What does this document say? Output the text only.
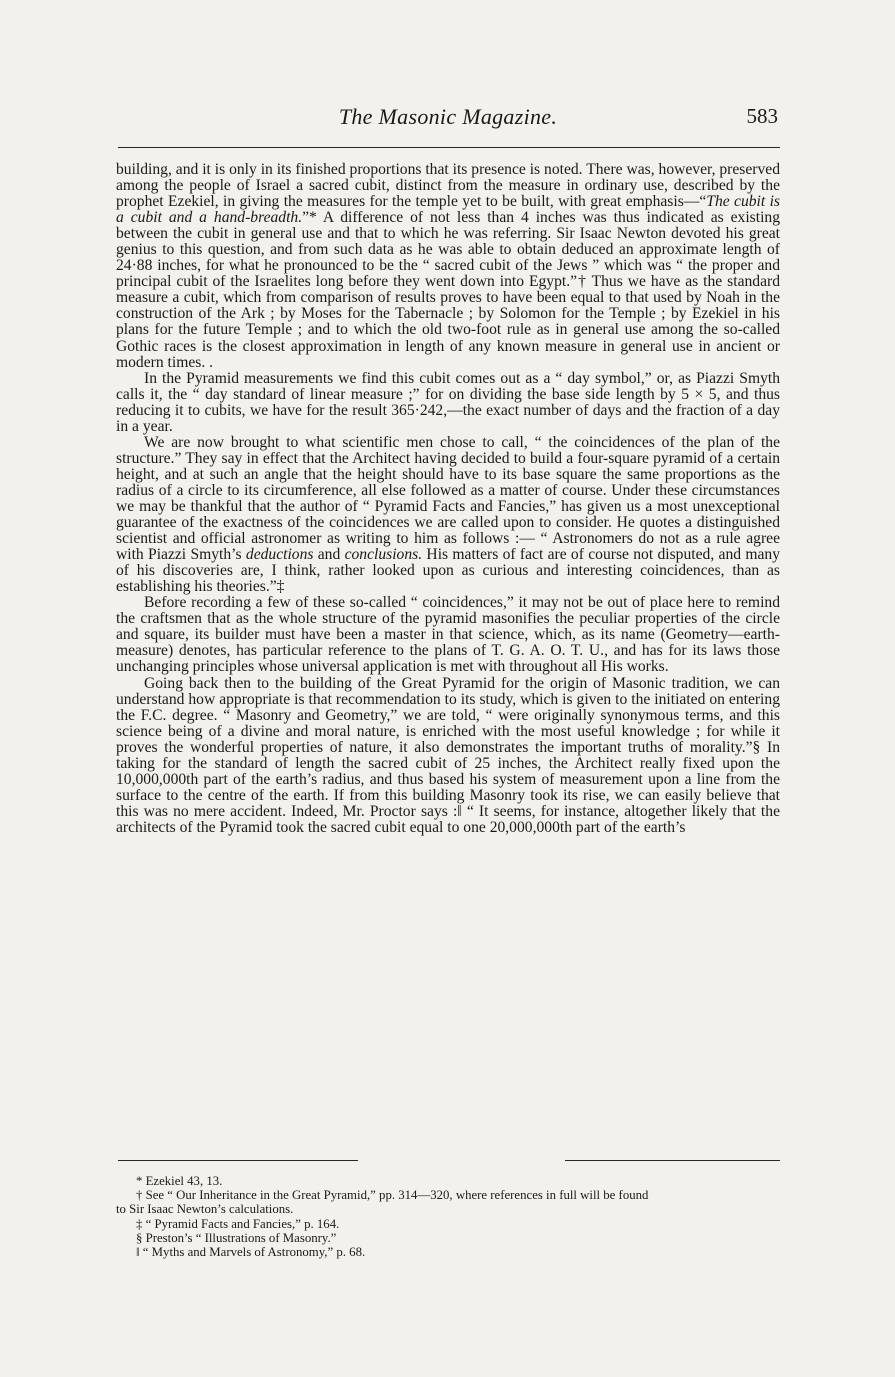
The Masonic Magazine.	583

building, and it is only in its finished proportions that its presence is noted. There was, however, preserved among the people of Israel a sacred cubit, distinct from the measure in ordinary use, described by the prophet Ezekiel, in giving the measures for the temple yet to be built, with great emphasis—“The cubit is a cubit and a hand-breadth.”* A difference of not less than 4 inches was thus indicated as existing between the cubit in general use and that to which he was referring. Sir Isaac Newton devoted his great genius to this question, and from such data as he was able to obtain deduced an approximate length of 24·88 inches, for what he pronounced to be the “ sacred cubit of the Jews ” which was “ the proper and principal cubit of the Israelites long before they went down into Egypt.”† Thus we have as the standard measure a cubit, which from comparison of results proves to have been equal to that used by Noah in the construction of the Ark ; by Moses for the Tabernacle ; by Solomon for the Temple ; by Ezekiel in his plans for the future Temple ; and to which the old two-foot rule as in general use among the so-called Gothic races is the closest approximation in length of any known measure in general use in ancient or modern times. .

In the Pyramid measurements we find this cubit comes out as a “ day symbol,” or, as Piazzi Smyth calls it, the “ day standard of linear measure ;” for on dividing the base side length by 5 × 5, and thus reducing it to cubits, we have for the result 365·242,—the exact number of days and the fraction of a day in a year.

We are now brought to what scientific men chose to call, “ the coincidences of the plan of the structure.” They say in effect that the Architect having decided to build a four-square pyramid of a certain height, and at such an angle that the height should have to its base square the same proportions as the radius of a circle to its circumference, all else followed as a matter of course. Under these circumstances we may be thankful that the author of “ Pyramid Facts and Fancies,” has given us a most unexceptional guarantee of the exactness of the coincidences we are called upon to consider. He quotes a distinguished scientist and official astronomer as writing to him as follows :— “ Astronomers do not as a rule agree with Piazzi Smyth’s deductions and conclusions. His matters of fact are of course not disputed, and many of his discoveries are, I think, rather looked upon as curious and interesting coincidences, than as establishing his theories.”‡

Before recording a few of these so-called “ coincidences,” it may not be out of place here to remind the craftsmen that as the whole structure of the pyramid masonifies the peculiar properties of the circle and square, its builder must have been a master in that science, which, as its name (Geometry—earth-measure) denotes, has particular reference to the plans of T. G. A. O. T. U., and has for its laws those unchanging principles whose universal application is met with throughout all His works.

Going back then to the building of the Great Pyramid for the origin of Masonic tradition, we can understand how appropriate is that recommendation to its study, which is given to the initiated on entering the F.C. degree. “ Masonry and Geometry,” we are told, “ were originally synonymous terms, and this science being of a divine and moral nature, is enriched with the most useful knowledge ; for while it proves the wonderful properties of nature, it also demonstrates the important truths of morality.”§ In taking for the standard of length the sacred cubit of 25 inches, the Architect really fixed upon the 10,000,000th part of the earth’s radius, and thus based his system of measurement upon a line from the surface to the centre of the earth. If from this building Masonry took its rise, we can easily believe that this was no mere accident. Indeed, Mr. Proctor says :‖ “ It seems, for instance, altogether likely that the architects of the Pyramid took the sacred cubit equal to one 20,000,000th part of the earth’s

* Ezekiel 43, 13.

† See “ Our Inheritance in the Great Pyramid,” pp. 314—320, where references in full will be found

to Sir Isaac Newton’s calculations.

‡ “ Pyramid Facts and Fancies,” p. 164.

§ Preston’s “ Illustrations of Masonry.”

‖ “ Myths and Marvels of Astronomy,” p. 68.
